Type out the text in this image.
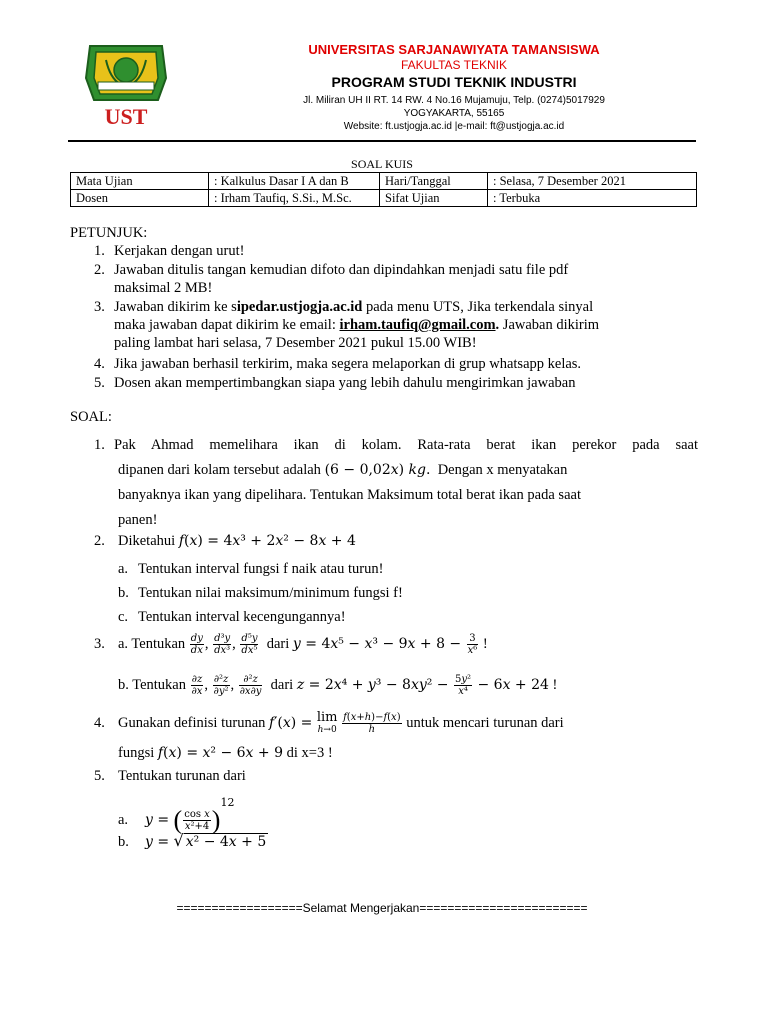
UST
UNIVERSITAS SARJANAWIYATA TAMANSISWA
FAKULTAS TEKNIK
PROGRAM STUDI TEKNIK INDUSTRI
Jl. Miliran UH II RT. 14 RW. 4 No.16 Mujamuju, Telp. (0274)5017929
YOGYAKARTA, 55165
Website: ft.ustjogja.ac.id |e-mail: ft@ustjogja.ac.id
SOAL KUIS
Mata Ujian	: Kalkulus Dasar I A dan B	Hari/Tanggal	: Selasa, 7 Desember 2021
Dosen	: Irham Taufiq, S.Si., M.Sc.	Sifat Ujian	: Terbuka
PETUNJUK:
1. Kerjakan dengan urut!
2. Jawaban ditulis tangan kemudian difoto dan dipindahkan menjadi satu file pdf
maksimal 2 MB!
3. Jawaban dikirim ke sipedar.ustjogja.ac.id pada menu UTS, Jika terkendala sinyal
maka jawaban dapat dikirim ke email: irham.taufiq@gmail.com. Jawaban dikirim
paling lambat hari selasa, 7 Desember 2021 pukul 15.00 WIB!
4. Jika jawaban berhasil terkirim, maka segera melaporkan di grup whatsapp kelas.
5. Dosen akan mempertimbangkan siapa yang lebih dahulu mengirimkan jawaban
SOAL:
1. Pak Ahmad memelihara ikan di kolam. Rata-rata berat ikan perekor pada saat
dipanen dari kolam tersebut adalah (6 − 0,02𝑥) 𝑘𝑔. Dengan x menyatakan
banyaknya ikan yang dipelihara. Tentukan Maksimum total berat ikan pada saat
panen!
2. Diketahui 𝑓(𝑥) = 4𝑥³ + 2𝑥² − 8𝑥 + 4
a. Tentukan interval fungsi f naik atau turun!
b. Tentukan nilai maksimum/minimum fungsi f!
c. Tentukan interval kecengungannya!
3. a. Tentukan $\frac{\text{𝑑𝑦}}{\text{𝑑𝑥}}$ , $\frac{\text{𝑑³𝑦}}{\text{𝑑𝑥³}}$ , $\frac{\text{𝑑⁵𝑦}}{\text{𝑑𝑥⁵}}$ dari 𝑦 = 4𝑥⁵ − 𝑥³ − 9𝑥 + $8 - \frac{3}{\text{𝑥⁶}}$ !
b. Tentukan $\frac{\text{∂𝑧}}{\text{∂𝑥}}$ , $\frac{\text{∂²𝑧}}{\text{∂𝑦²}}$ , $\frac{\text{∂²𝑧}}{\text{∂𝑥∂𝑦}}$ dari 𝑧 = 2𝑥⁴ + 𝑦³ − 8𝑥𝑦² − $\frac{\text{5𝑦²}}{\text{𝑥⁴}}$ − 6𝑥 + 24 !
4. Gunakan definisi turunan 𝑓′(𝑥) = lim
ℎ→0
$\frac{\text{𝑓(𝑥+ℎ)−𝑓(𝑥)}}{\text{ℎ}}$ untuk mencari turunan dari
fungsi 𝑓(𝑥) = 𝑥² − 6𝑥 + 9 di x=3 !
5. Tentukan turunan dari
a. 𝑦 = ( $\frac{\text{cos 𝑥}}{\text{𝑥²+4}} )^{12}$
b. 𝑦 = √ 𝑥² − 4𝑥 + 5
==================Selamat Mengerjakan========================
